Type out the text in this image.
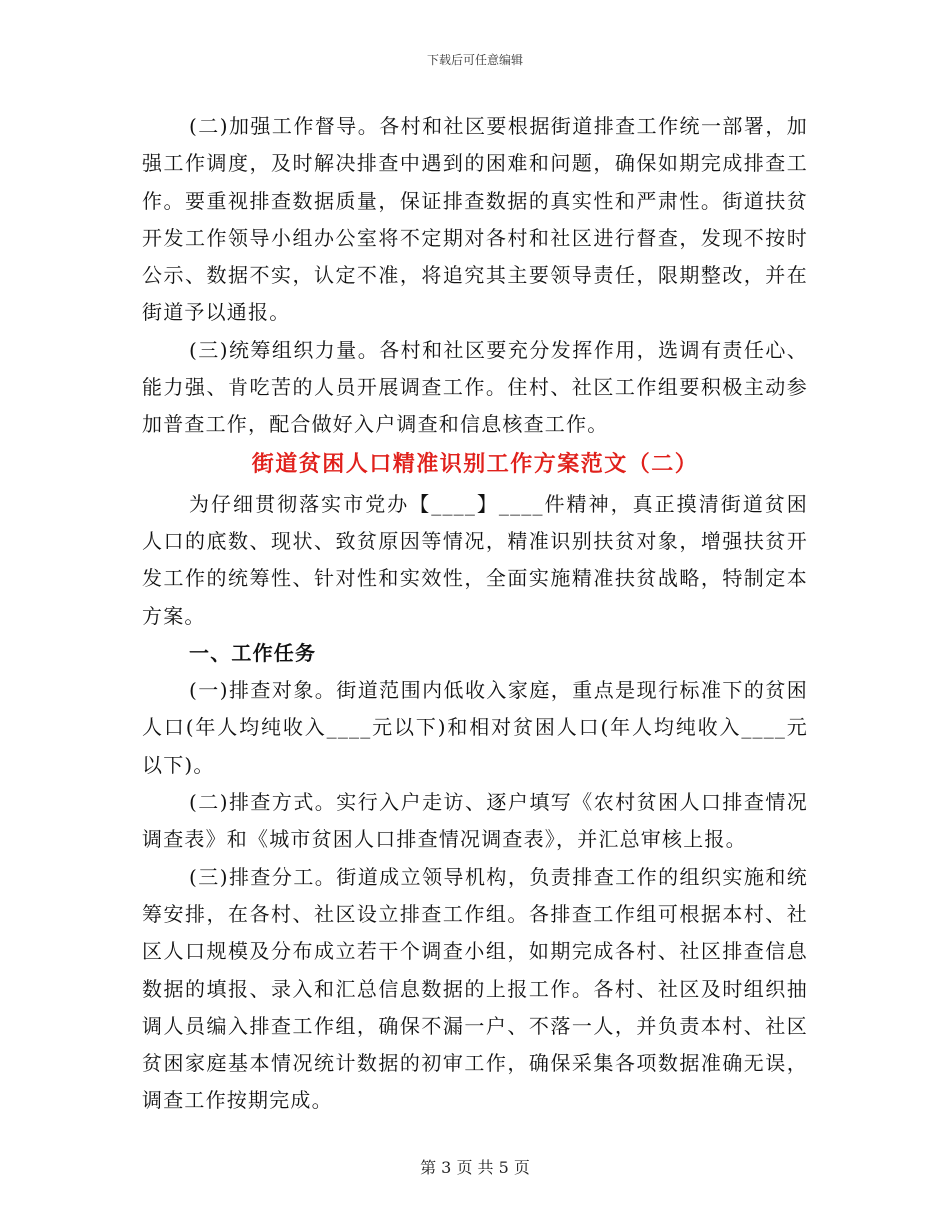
下载后可任意编辑

(二)加强工作督导。各村和社区要根据街道排查工作统一部署，加强工作调度，及时解决排查中遇到的困难和问题，确保如期完成排查工作。要重视排查数据质量，保证排查数据的真实性和严肃性。街道扶贫开发工作领导小组办公室将不定期对各村和社区进行督查，发现不按时公示、数据不实，认定不准，将追究其主要领导责任，限期整改，并在街道予以通报。

(三)统筹组织力量。各村和社区要充分发挥作用，选调有责任心、能力强、肯吃苦的人员开展调查工作。住村、社区工作组要积极主动参加普查工作，配合做好入户调查和信息核查工作。

街道贫困人口精准识别工作方案范文（二）

为仔细贯彻落实市党办【____】____件精神，真正摸清街道贫困人口的底数、现状、致贫原因等情况，精准识别扶贫对象，增强扶贫开发工作的统筹性、针对性和实效性，全面实施精准扶贫战略，特制定本方案。

一、工作任务

(一)排查对象。街道范围内低收入家庭，重点是现行标准下的贫困人口(年人均纯收入____元以下)和相对贫困人口(年人均纯收入____元以下)。

(二)排查方式。实行入户走访、逐户填写《农村贫困人口排查情况调查表》和《城市贫困人口排查情况调查表》，并汇总审核上报。

(三)排查分工。街道成立领导机构，负责排查工作的组织实施和统筹安排，在各村、社区设立排查工作组。各排查工作组可根据本村、社区人口规模及分布成立若干个调查小组，如期完成各村、社区排查信息数据的填报、录入和汇总信息数据的上报工作。各村、社区及时组织抽调人员编入排查工作组，确保不漏一户、不落一人，并负责本村、社区贫困家庭基本情况统计数据的初审工作，确保采集各项数据准确无误，调查工作按期完成。

第 3 页 共 5 页
